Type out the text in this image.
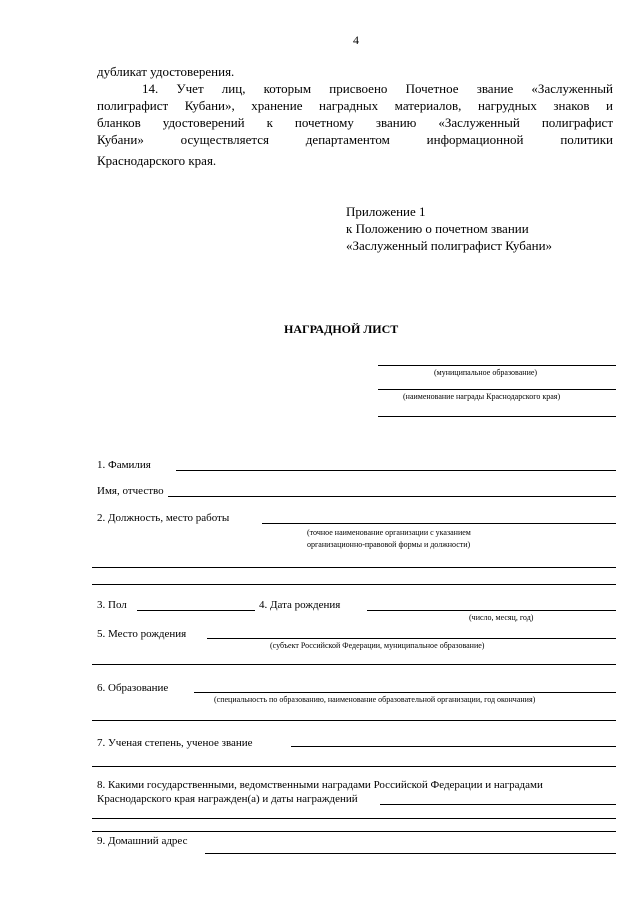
4
дубликат удостоверения.
14. Учет лиц, которым присвоено Почетное звание «Заслуженный
полиграфист Кубани», хранение наградных материалов, нагрудных знаков и
бланков удостоверений к почетному званию «Заслуженный полиграфист
Кубани» осуществляется департаментом информационной политики
Краснодарского края.
Приложение 1
к Положению о почетном звании
«Заслуженный полиграфист Кубани»
НАГРАДНОЙ ЛИСТ
(муниципальное образование)
(наименование награды Краснодарского края)
1. Фамилия
Имя, отчество
2. Должность, место работы
(точное наименование организации с указанием
организационно-правовой формы и должности)
3. Пол	4. Дата рождения
(число, месяц, год)
5. Место рождения
(субъект Российской Федерации, муниципальное образование)
6. Образование
(специальность по образованию, наименование образовательной организации, год окончания)
7. Ученая степень, ученое звание
8. Какими государственными, ведомственными наградами Российской Федерации и наградами
Краснодарского края награжден(а) и даты награждений
9. Домашний адрес
